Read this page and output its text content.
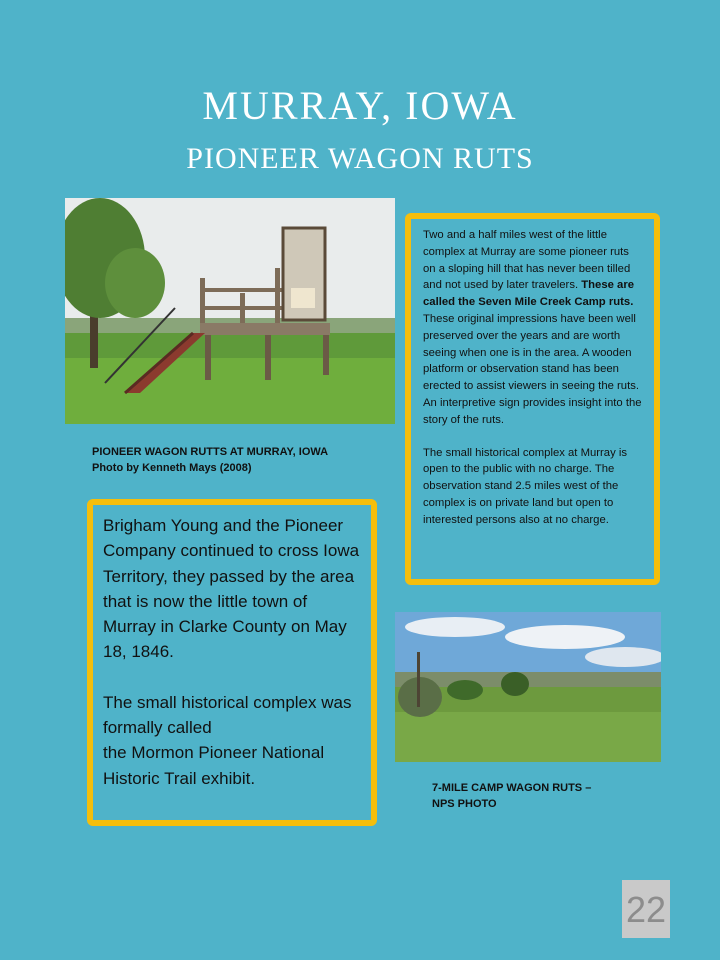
MURRAY, IOWA
PIONEER WAGON RUTS
PIONEER WAGON RUTTS AT MURRAY, IOWA
Photo by Kenneth Mays (2008)
Two and a half miles west of the little complex at Murray are some pioneer ruts on a sloping hill that has never been tilled and not used by later travelers. These are called the Seven Mile Creek Camp ruts. These original impressions have been well preserved over the years and are worth seeing when one is in the area. A wooden platform or observation stand has been erected to assist viewers in seeing the ruts. An interpretive sign provides insight into the story of the ruts.
The small historical complex at Murray is open to the public with no charge. The observation stand 2.5 miles west of the complex is on private land but open to interested persons also at no charge.
Brigham Young and the Pioneer Company continued to cross Iowa Territory, they passed by the area that is now the little town of Murray in Clarke County on May 18, 1846.
The small historical complex was formally called
the Mormon Pioneer National Historic Trail exhibit.
7-MILE CAMP WAGON RUTS –
NPS PHOTO
22
